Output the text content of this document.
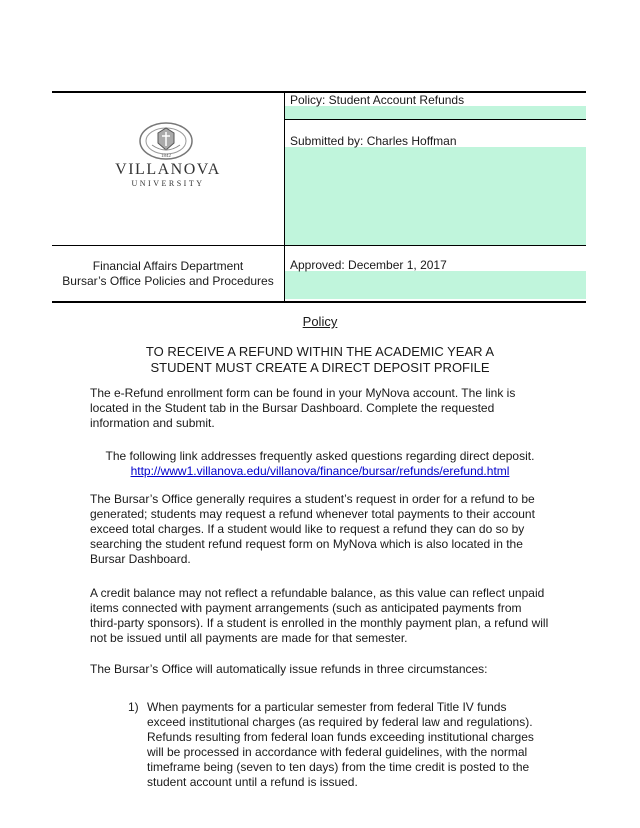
1842
VILLANOVA
UNIVERSITY
Policy: Student Account Refunds
Submitted by: Charles Hoffman
Approved: December 1, 2017
Financial Affairs Department
Bursar’s Office Policies and Procedures
Policy
TO RECEIVE A REFUND WITHIN THE ACADEMIC YEAR A
STUDENT MUST CREATE A DIRECT DEPOSIT PROFILE
The e-Refund enrollment form can be found in your MyNova account. The link is located in the Student tab in the Bursar Dashboard. Complete the requested information and submit.
The following link addresses frequently asked questions regarding direct deposit.
http://www1.villanova.edu/villanova/finance/bursar/refunds/erefund.html
The Bursar’s Office generally requires a student’s request in order for a refund to be generated; students may request a refund whenever total payments to their account exceed total charges. If a student would like to request a refund they can do so by searching the student refund request form on MyNova which is also located in the Bursar Dashboard.
A credit balance may not reflect a refundable balance, as this value can reflect unpaid items connected with payment arrangements (such as anticipated payments from third-party sponsors). If a student is enrolled in the monthly payment plan, a refund will not be issued until all payments are made for that semester.
The Bursar’s Office will automatically issue refunds in three circumstances:
1) When payments for a particular semester from federal Title IV funds exceed institutional charges (as required by federal law and regulations). Refunds resulting from federal loan funds exceeding institutional charges will be processed in accordance with federal guidelines, with the normal timeframe being (seven to ten days) from the time credit is posted to the student account until a refund is issued.
